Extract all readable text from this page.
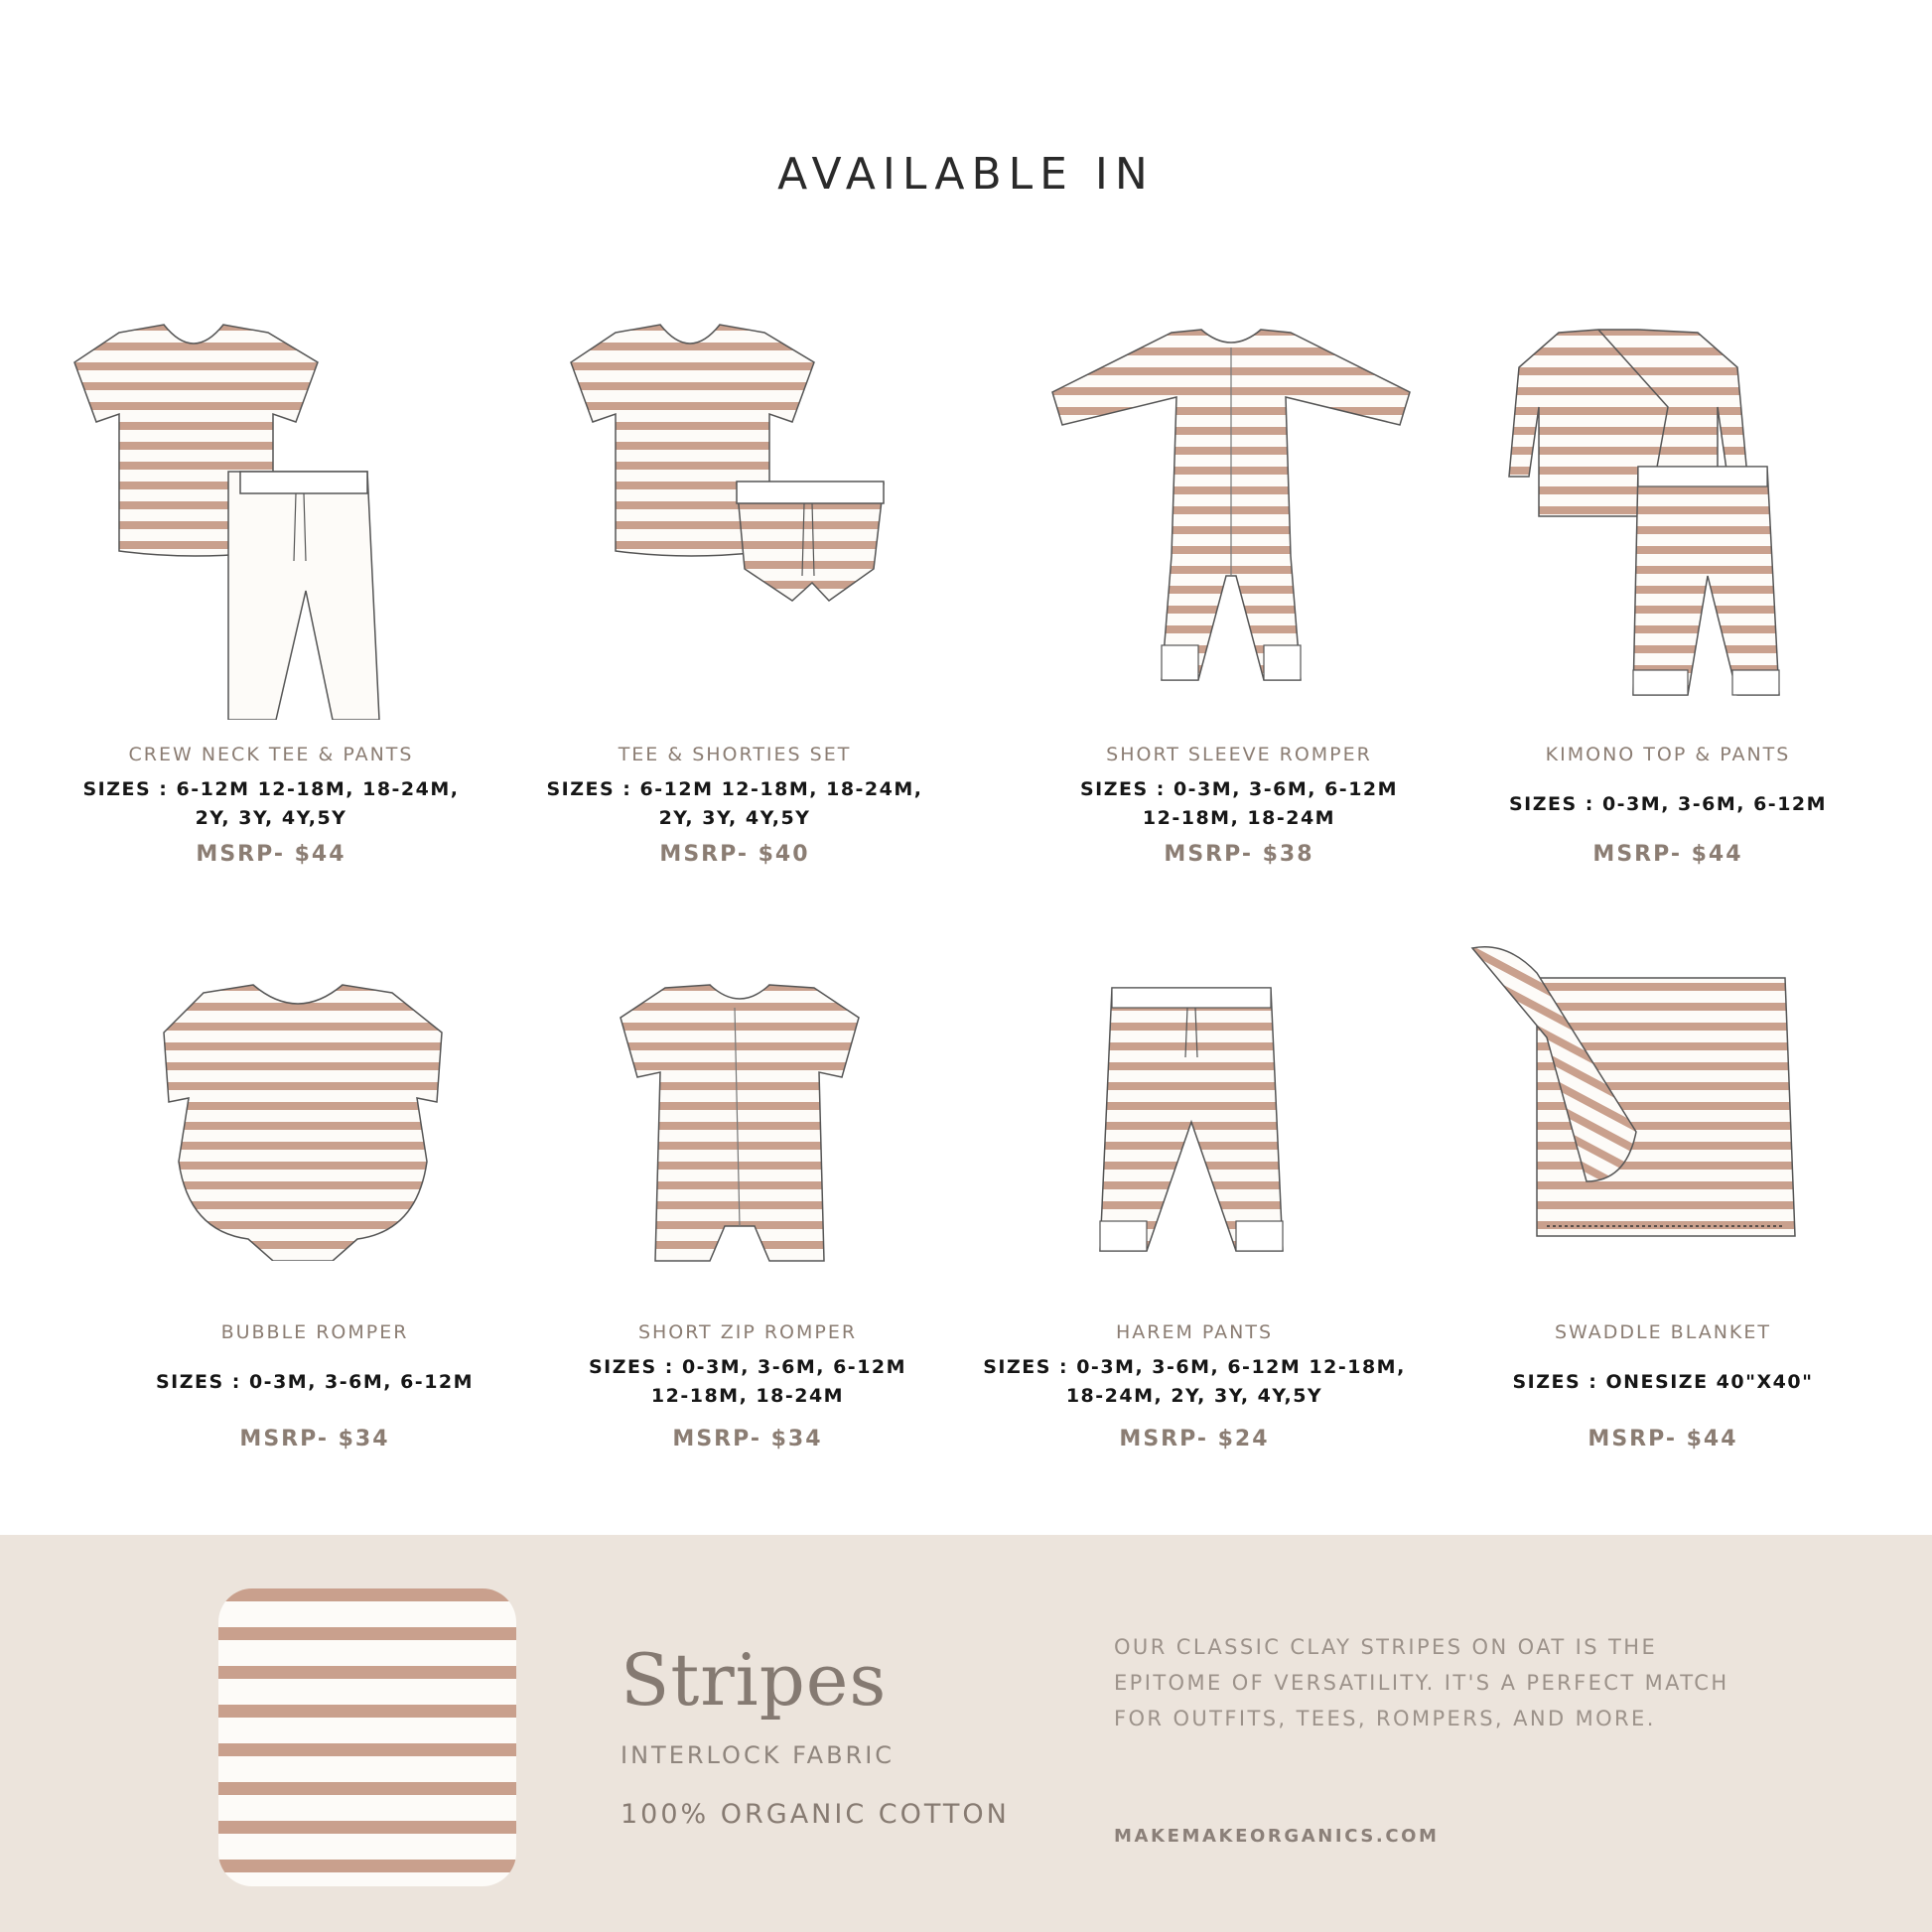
AVAILABLE IN
CREW NECK TEE & PANTS
SIZES : 6-12M 12-18M, 18-24M,
2Y, 3Y, 4Y,5Y
MSRP- $44
TEE & SHORTIES SET
SIZES : 6-12M 12-18M, 18-24M,
2Y, 3Y, 4Y,5Y
MSRP- $40
SHORT SLEEVE ROMPER
SIZES : 0-3M, 3-6M, 6-12M
12-18M, 18-24M
MSRP- $38
KIMONO TOP & PANTS
SIZES : 0-3M, 3-6M, 6-12M
MSRP- $44
BUBBLE ROMPER
SIZES : 0-3M, 3-6M, 6-12M
MSRP- $34
SHORT ZIP ROMPER
SIZES : 0-3M, 3-6M, 6-12M
12-18M, 18-24M
MSRP- $34
HAREM PANTS
SIZES : 0-3M, 3-6M, 6-12M 12-18M,
18-24M, 2Y, 3Y, 4Y,5Y
MSRP- $24
SWADDLE BLANKET
SIZES : ONESIZE 40"X40"
MSRP- $44
Stripes
INTERLOCK FABRIC
100% ORGANIC COTTON
OUR CLASSIC CLAY STRIPES ON OAT IS THE EPITOME OF VERSATILITY. IT'S A PERFECT MATCH FOR OUTFITS, TEES, ROMPERS, AND MORE.
MAKEMAKEORGANICS.COM
